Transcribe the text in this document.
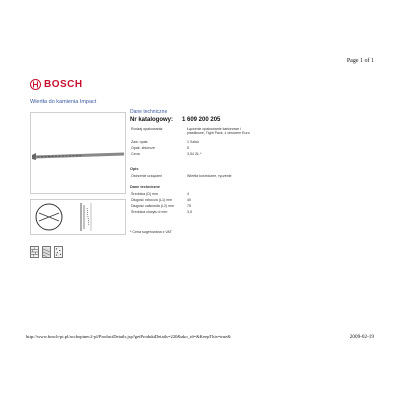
Page 1 of 1
BOSCH
Wiertła do kamienia Impact
Dane techniczne
Nr katalogowy:	1 609 200 205
Rodzaj opakowania	Łączenie opakowanie kartonowe i plastikowe, Tight Pack, z otworem Euro
Zaw. opak.	1 Sztuk
Opak. zbiorcze	5
Cena	3,54 ZŁ *
Opis
Ostrzenie urządzeń	Wiertła kosmiczne, ryczenie
Dane techniczne
Średnica (D) mm	4
Długość robocza (L1) mm	40
Długość całkowita (L2) mm	75
Średnica chwytu d mm	3,5
* Cena sugerowana z VAT
http://www.bosch-pt.pl/accbopinec2-pl/ProductDetails.jsp?getProduktDetails=220&ako_id=&KeepThis=true&	2009-02-19
